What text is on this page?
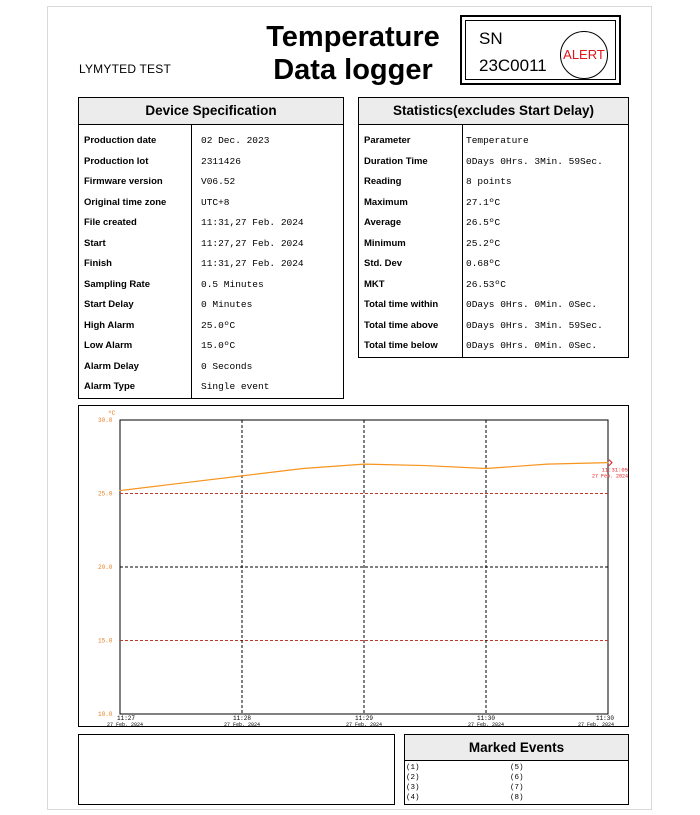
LYMYTED TEST
Temperature
Data logger
SN
23C0011
ALERT
Device Specification
Production date	02 Dec. 2023
Production lot	2311426
Firmware version	V06.52
Original time zone	UTC+8
File created	11:31,27 Feb. 2024
Start	11:27,27 Feb. 2024
Finish	11:31,27 Feb. 2024
Sampling Rate	0.5 Minutes
Start Delay	0 Minutes
High Alarm	25.0ºC
Low Alarm	15.0ºC
Alarm Delay	0 Seconds
Alarm Type	Single event
Statistics(excludes Start Delay)
Parameter	Temperature
Duration Time	0Days 0Hrs. 3Min. 59Sec.
Reading	8 points
Maximum	27.1ºC
Average	26.5ºC
Minimum	25.2ºC
Std. Dev	0.68ºC
MKT	26.53ºC
Total time within	0Days 0Hrs. 0Min. 0Sec.
Total time above	0Days 0Hrs. 3Min. 59Sec.
Total time below	0Days 0Hrs. 0Min. 0Sec.
ºC
30.0
25.0
20.0
15.0
10.0
11:27
27 Feb. 2024
11:28
27 Feb. 2024
11:29
27 Feb. 2024
11:30
27 Feb. 2024
11:30
27 Feb. 2024
11:31:05
27 Feb. 2024
Marked Events
(1)
(2)
(3)
(4)
(5)
(6)
(7)
(8)
